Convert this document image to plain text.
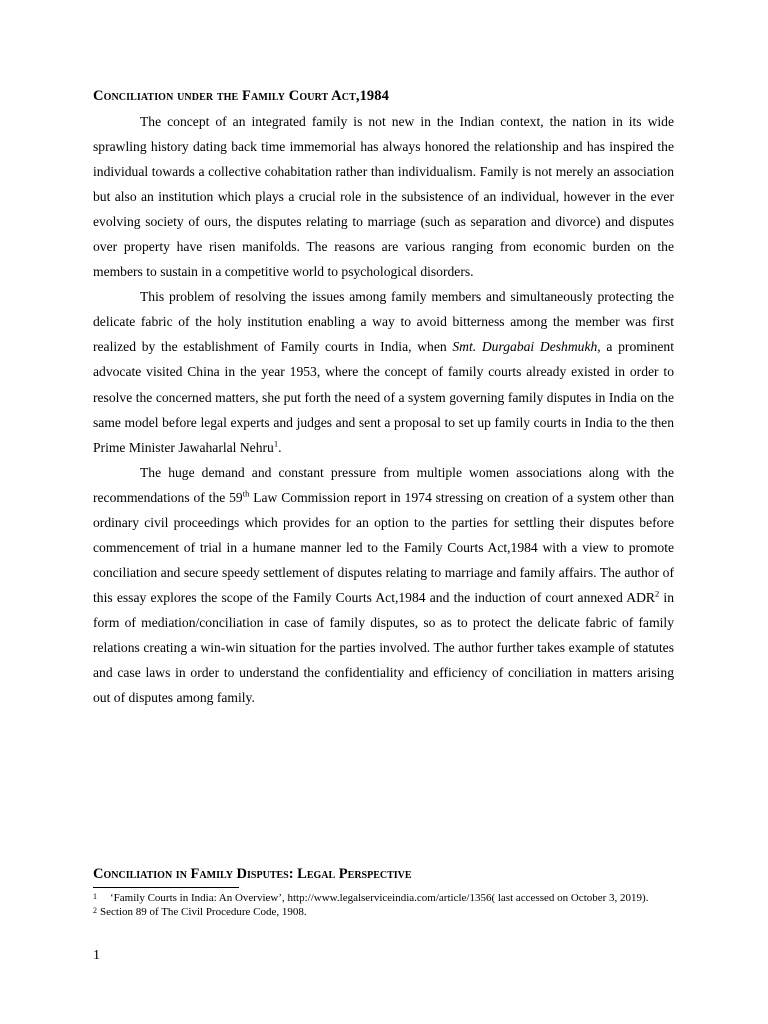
Conciliation under the Family Court Act,1984

The concept of an integrated family is not new in the Indian context, the nation in its wide sprawling history dating back time immemorial has always honored the relationship and has inspired the individual towards a collective cohabitation rather than individualism. Family is not merely an association but also an institution which plays a crucial role in the subsistence of an individual, however in the ever evolving society of ours, the disputes relating to marriage (such as separation and divorce) and disputes over property have risen manifolds. The reasons are various ranging from economic burden on the members to sustain in a competitive world to psychological disorders.

This problem of resolving the issues among family members and simultaneously protecting the delicate fabric of the holy institution enabling a way to avoid bitterness among the member was first realized by the establishment of Family courts in India, when Smt. Durgabai Deshmukh, a prominent advocate visited China in the year 1953, where the concept of family courts already existed in order to resolve the concerned matters, she put forth the need of a system governing family disputes in India on the same model before legal experts and judges and sent a proposal to set up family courts in India to the then Prime Minister Jawaharlal Nehru$^1$.

The huge demand and constant pressure from multiple women associations along with the recommendations of the 59th Law Commission report in 1974 stressing on creation of a system other than ordinary civil proceedings which provides for an option to the parties for settling their disputes before commencement of trial in a humane manner led to the Family Courts Act,1984 with a view to promote conciliation and secure speedy settlement of disputes relating to marriage and family affairs. The author of this essay explores the scope of the Family Courts Act,1984 and the induction of court annexed ADR$^2$ in form of mediation/conciliation in case of family disputes, so as to protect the delicate fabric of family relations creating a win-win situation for the parties involved. The author further takes example of statutes and case laws in order to understand the confidentiality and efficiency of conciliation in matters arising out of disputes among family.

Conciliation in Family Disputes: Legal Perspective

1 ‘Family Courts in India: An Overview’, http://www.legalserviceindia.com/article/1356( last accessed on October 3, 2019).

2 Section 89 of The Civil Procedure Code, 1908.

1
